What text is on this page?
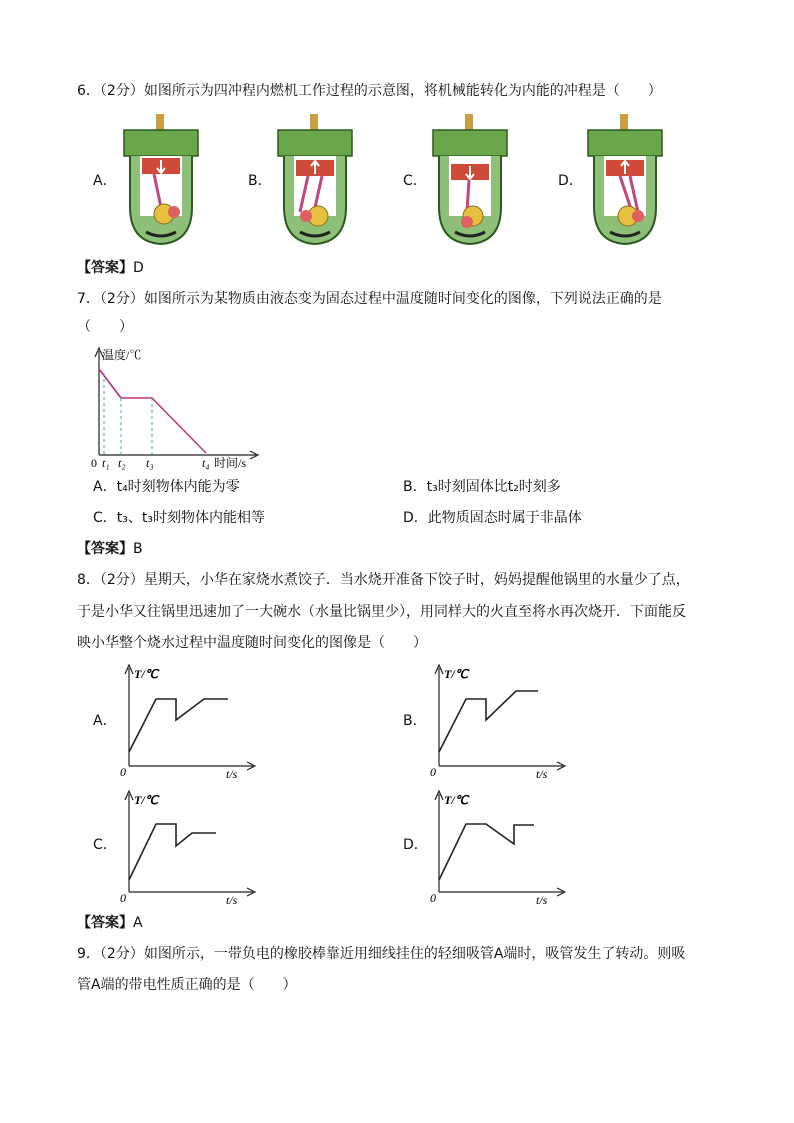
6．（2分）如图所示为四冲程内燃机工作过程的示意图，将机械能转化为内能的冲程是（　　）
A．	B．	C．	D．
【答案】D
7．（2分）如图所示为某物质由液态变为固态过程中温度随时间变化的图像，下列说法正确的是
（　　）
温度/℃
0 t₁ t₂ t₃	t₄ 时间/s
A．t₄时刻物体内能为零	B．t₃时刻固体比t₂时刻多
C．t₃、t₃时刻物体内能相等	D．此物质固态时属于非晶体
【答案】B
8．（2分）星期天，小华在家烧水煮饺子．当水烧开准备下饺子时，妈妈提醒他锅里的水量少了点，
于是小华又往锅里迅速加了一大碗水（水量比锅里少），用同样大的火直至将水再次烧开．下面能反
映小华整个烧水过程中温度随时间变化的图像是（　　）
A．	B．
C．	D．
T/℃
0	t/s
T/℃
0	t/s
T/℃
0	t/s
T/℃
0	t/s
【答案】A
9．（2分）如图所示，一带负电的橡胶棒靠近用细线挂住的轻细吸管A端时，吸管发生了转动。则吸
管A端的带电性质正确的是（　　）
